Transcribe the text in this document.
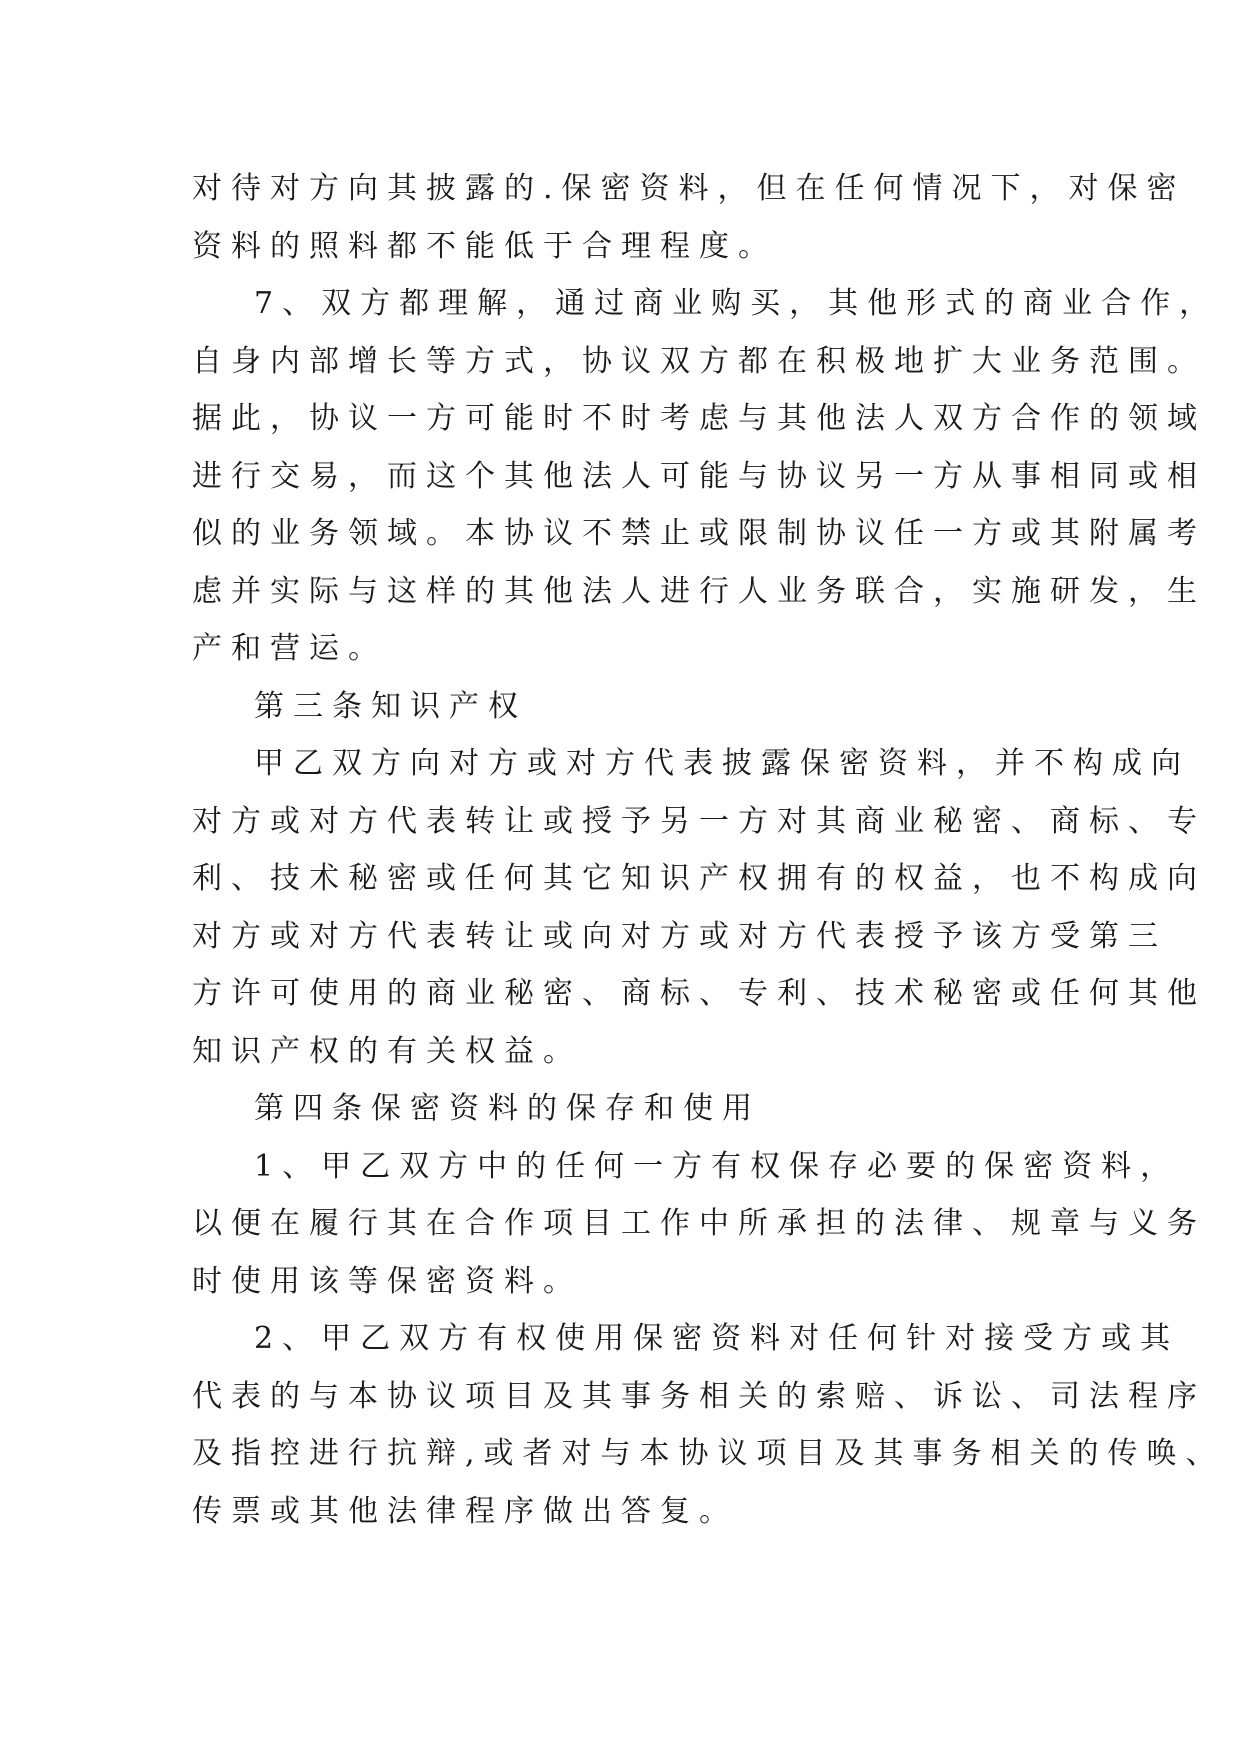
对待对方向其披露的.保密资料，但在任何情况下，对保密
资料的照料都不能低于合理程度。
7、双方都理解，通过商业购买，其他形式的商业合作，
自身内部增长等方式，协议双方都在积极地扩大业务范围。
据此，协议一方可能时不时考虑与其他法人双方合作的领域
进行交易，而这个其他法人可能与协议另一方从事相同或相
似的业务领域。本协议不禁止或限制协议任一方或其附属考
虑并实际与这样的其他法人进行人业务联合，实施研发，生
产和营运。
第三条知识产权
甲乙双方向对方或对方代表披露保密资料，并不构成向
对方或对方代表转让或授予另一方对其商业秘密、商标、专
利、技术秘密或任何其它知识产权拥有的权益，也不构成向
对方或对方代表转让或向对方或对方代表授予该方受第三
方许可使用的商业秘密、商标、专利、技术秘密或任何其他
知识产权的有关权益。
第四条保密资料的保存和使用
1、甲乙双方中的任何一方有权保存必要的保密资料，
以便在履行其在合作项目工作中所承担的法律、规章与义务
时使用该等保密资料。
2、甲乙双方有权使用保密资料对任何针对接受方或其
代表的与本协议项目及其事务相关的索赔、诉讼、司法程序
及指控进行抗辩,或者对与本协议项目及其事务相关的传唤、
传票或其他法律程序做出答复。
